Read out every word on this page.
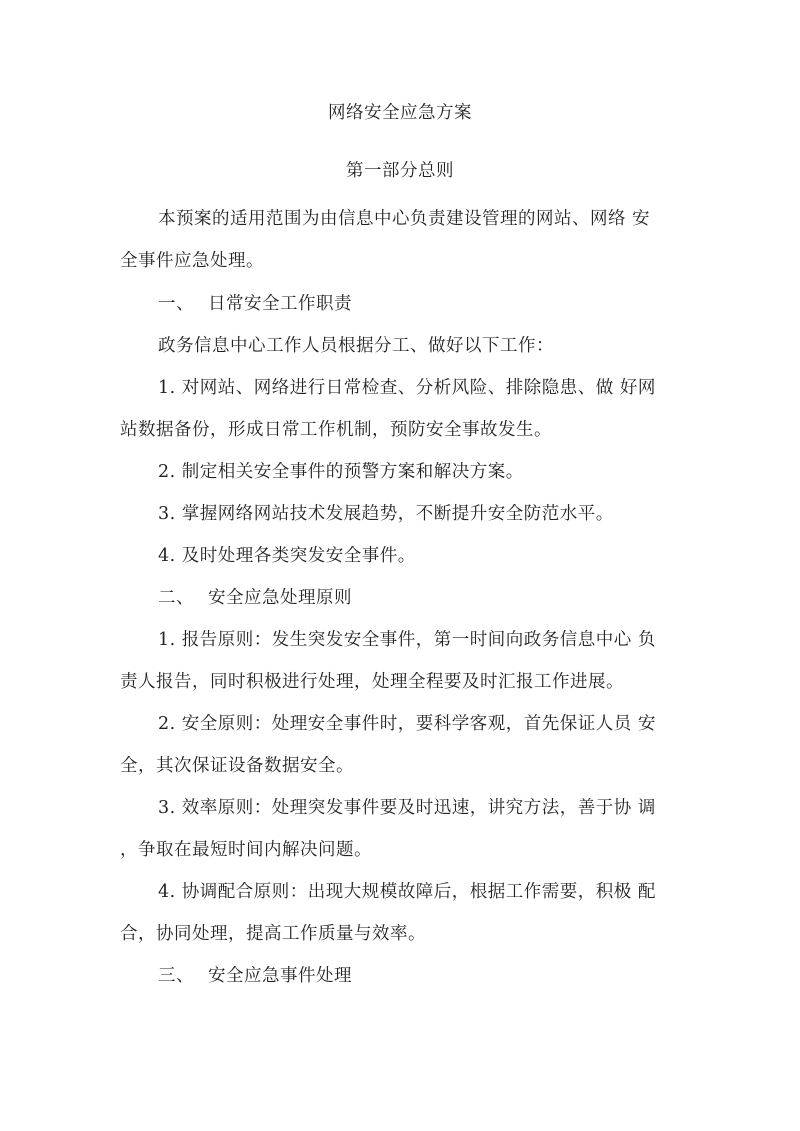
网络安全应急方案
第一部分总则
本预案的适用范围为由信息中心负责建设管理的网站、网络 安
全事件应急处理。
一、 日常安全工作职责
政务信息中心工作人员根据分工、做好以下工作：
1. 对网站、网络进行日常检查、分析风险、排除隐患、做 好网
站数据备份，形成日常工作机制，预防安全事故发生。
2. 制定相关安全事件的预警方案和解决方案。
3. 掌握网络网站技术发展趋势，不断提升安全防范水平。
4. 及时处理各类突发安全事件。
二、 安全应急处理原则
1. 报告原则：发生突发安全事件，第一时间向政务信息中心 负
责人报告，同时积极进行处理，处理全程要及时汇报工作进展。
2. 安全原则：处理安全事件时，要科学客观，首先保证人员 安
全，其次保证设备数据安全。
3. 效率原则：处理突发事件要及时迅速，讲究方法，善于协 调
，争取在最短时间内解决问题。
4. 协调配合原则：出现大规模故障后，根据工作需要，积极 配
合，协同处理，提高工作质量与效率。
三、 安全应急事件处理
